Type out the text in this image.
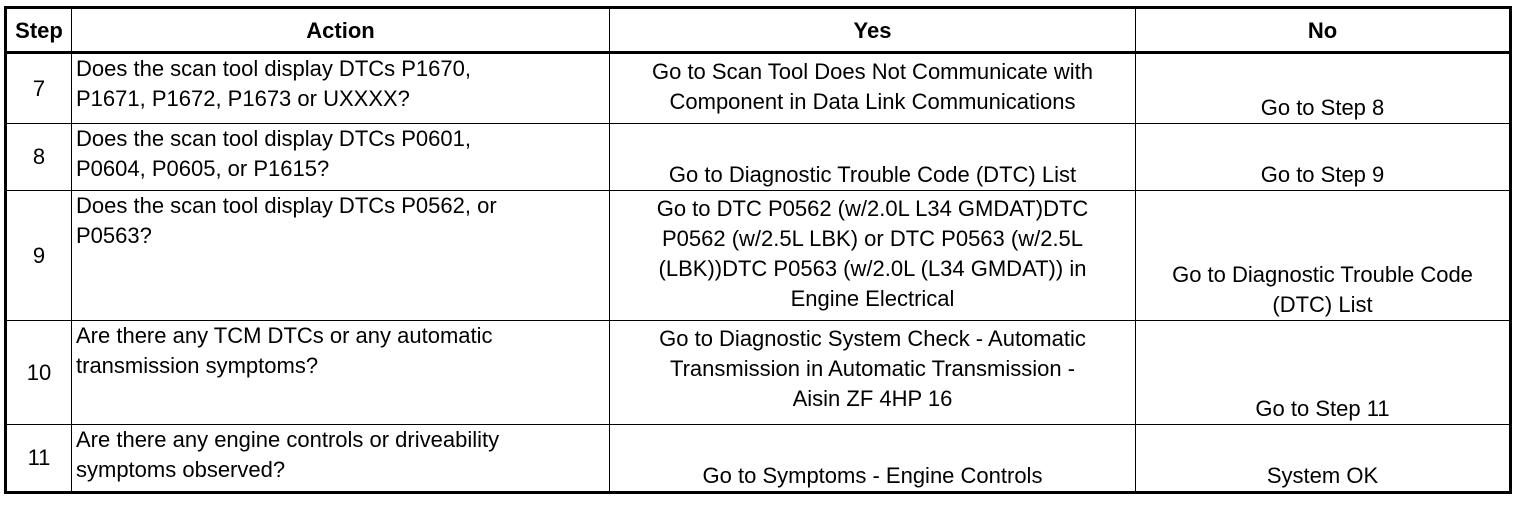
Step	Action	Yes	No
7	Does the scan tool display DTCs P1670,
P1671, P1672, P1673 or UXXXX?	Go to Scan Tool Does Not Communicate with
Component in Data Link Communications	Go to Step 8
8	Does the scan tool display DTCs P0601,
P0604, P0605, or P1615?	Go to Diagnostic Trouble Code (DTC) List	Go to Step 9
9	Does the scan tool display DTCs P0562, or
P0563?	Go to DTC P0562 (w/2.0L L34 GMDAT)DTC
P0562 (w/2.5L LBK) or DTC P0563 (w/2.5L
(LBK))DTC P0563 (w/2.0L (L34 GMDAT)) in
Engine Electrical	Go to Diagnostic Trouble Code
(DTC) List
10	Are there any TCM DTCs or any automatic
transmission symptoms?	Go to Diagnostic System Check - Automatic
Transmission in Automatic Transmission -
Aisin ZF 4HP 16	Go to Step 11
11	Are there any engine controls or driveability
symptoms observed?	Go to Symptoms - Engine Controls	System OK
